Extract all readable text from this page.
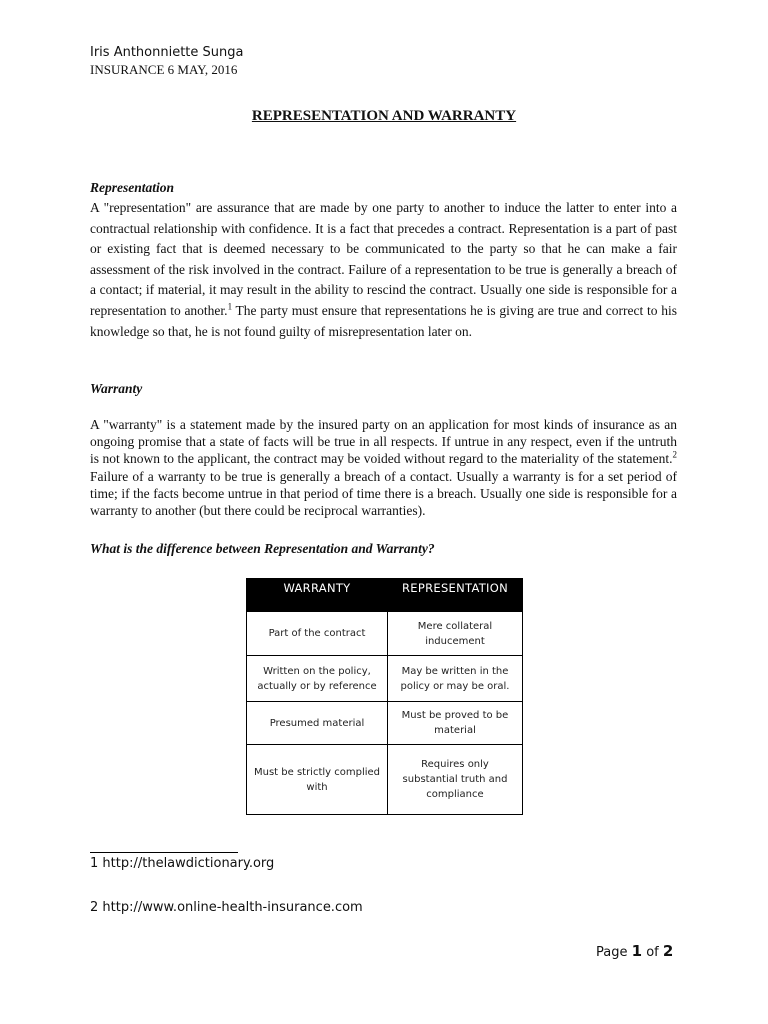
Iris Anthonniette Sunga
INSURANCE 6 MAY, 2016
REPRESENTATION AND WARRANTY
Representation
A "representation" are assurance that are made by one party to another to induce the latter to enter into a contractual relationship with confidence. It is a fact that precedes a contract. Representation is a part of past or existing fact that is deemed necessary to be communicated to the party so that he can make a fair assessment of the risk involved in the contract. Failure of a representation to be true is generally a breach of a contact; if material, it may result in the ability to rescind the contract. Usually one side is responsible for a representation to another.$^1$ The party must ensure that representations he is giving are true and correct to his knowledge so that, he is not found guilty of misrepresentation later on.
Warranty
A "warranty" is a statement made by the insured party on an application for most kinds of insurance as an ongoing promise that a state of facts will be true in all respects. If untrue in any respect, even if the untruth is not known to the applicant, the contract may be voided without regard to the materiality of the statement.$^2$ Failure of a warranty to be true is generally a breach of a contact. Usually a warranty is for a set period of time; if the facts become untrue in that period of time there is a breach. Usually one side is responsible for a warranty to another (but there could be reciprocal warranties).
What is the difference between Representation and Warranty?
WARRANTY	REPRESENTATION
Part of the contract	Mere collateral inducement
Written on the policy, actually or by reference	May be written in the policy or may be oral.
Presumed material	Must be proved to be material
Must be strictly complied with	Requires only substantial truth and compliance
1 http://thelawdictionary.org
2 http://www.online-health-insurance.com
Page 1 of 2
